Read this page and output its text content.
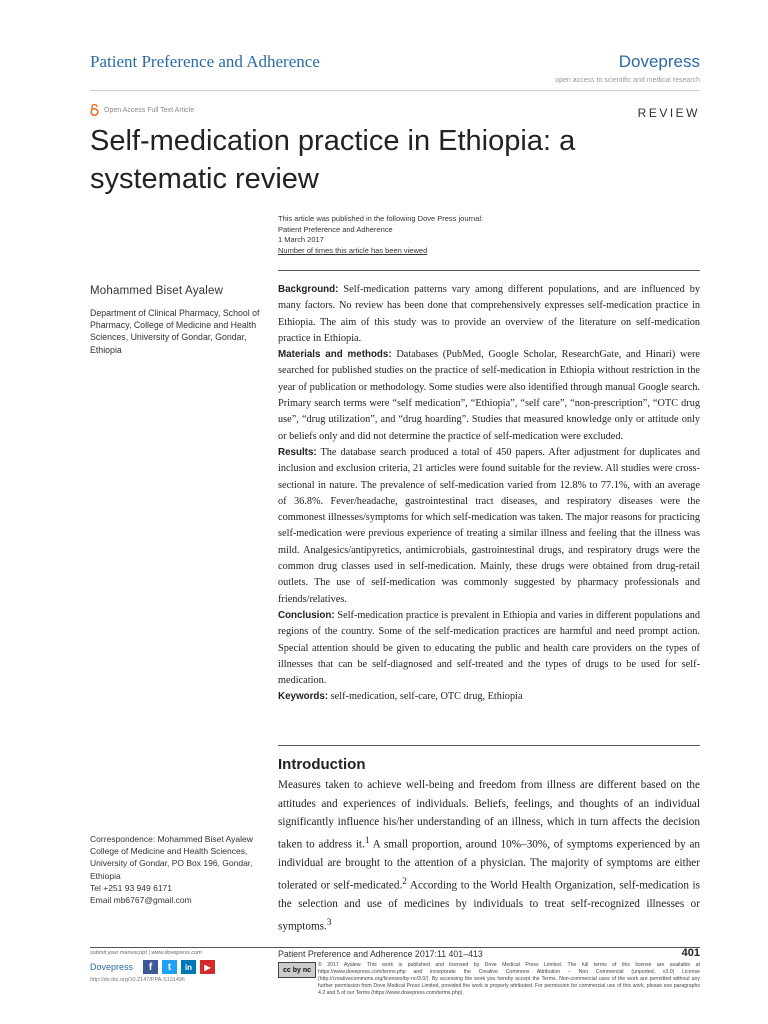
Patient Preference and Adherence	Dovepress
open access to scientific and medical research
Open Access Full Text Article	REVIEW
Self-medication practice in Ethiopia: a systematic review
This article was published in the following Dove Press journal:
Patient Preference and Adherence
1 March 2017
Number of times this article has been viewed
Mohammed Biset Ayalew
Department of Clinical Pharmacy, School of Pharmacy, College of Medicine and Health Sciences, University of Gondar, Gondar, Ethiopia

Background: Self-medication patterns vary among different populations, and are influenced by many factors. No review has been done that comprehensively expresses self-medication practice in Ethiopia. The aim of this study was to provide an overview of the literature on self-medication practice in Ethiopia.

Materials and methods: Databases (PubMed, Google Scholar, ResearchGate, and Hinari) were searched for published studies on the practice of self-medication in Ethiopia without restriction in the year of publication or methodology. Some studies were also identified through manual Google search. Primary search terms were “self medication”, “Ethiopia”, “self care”, “non-prescription”, “OTC drug use”, “drug utilization”, and “drug hoarding”. Studies that measured knowledge only or attitude only or beliefs only and did not determine the practice of self-medication were excluded.

Results: The database search produced a total of 450 papers. After adjustment for duplicates and inclusion and exclusion criteria, 21 articles were found suitable for the review. All studies were cross-sectional in nature. The prevalence of self-medication varied from 12.8% to 77.1%, with an average of 36.8%. Fever/headache, gastrointestinal tract diseases, and respiratory diseases were the commonest illnesses/symptoms for which self-medication was taken. The major reasons for practicing self-medication were previous experience of treating a similar illness and feeling that the illness was mild. Analgesics/antipyretics, antimicrobials, gastrointestinal drugs, and respiratory drugs were the common drug classes used in self-medication. Mainly, these drugs were obtained from drug-retail outlets. The use of self-medication was commonly suggested by pharmacy professionals and friends/relatives.

Conclusion: Self-medication practice is prevalent in Ethiopia and varies in different populations and regions of the country. Some of the self-medication practices are harmful and need prompt action. Special attention should be given to educating the public and health care providers on the types of illnesses that can be self-diagnosed and self-treated and the types of drugs to be used for self-medication.

Keywords: self-medication, self-care, OTC drug, Ethiopia

Introduction
Measures taken to achieve well-being and freedom from illness are different based on the attitudes and experiences of individuals. Beliefs, feelings, and thoughts of an individual significantly influence his/her understanding of an illness, which in turn affects the decision taken to address it.$^1$ A small proportion, around 10%–30%, of symptoms experienced by an individual are brought to the attention of a physician. The majority of symptoms are either tolerated or self-medicated.$^2$ According to the World Health Organization, self-medication is the selection and use of medicines by individuals to treat self-recognized illnesses or symptoms.$^3$
Correspondence: Mohammed Biset Ayalew
College of Medicine and Health Sciences, University of Gondar, PO Box 196, Gondar, Ethiopia
Tel +251 93 949 6171
Email mb6767@gmail.com
submit your manuscript | www.dovepress.com
Dovepress	f	t	in	▶
http://dx.doi.org/10.2147/PPA.S131496
Patient Preference and Adherence 2017:11 401–413	401
cc by nc
© 2017 Ayalew. This work is published and licensed by Dove Medical Press Limited. The full terms of this license are available at https://www.dovepress.com/terms.php and incorporate the Creative Commons Attribution – Non Commercial (unported, v3.0) License (http://creativecommons.org/licenses/by-nc/3.0/). By accessing the work you hereby accept the Terms. Non-commercial uses of the work are permitted without any further permission from Dove Medical Press Limited, provided the work is properly attributed. For permission for commercial use of this work, please see paragraphs 4.2 and 5 of our Terms (https://www.dovepress.com/terms.php).
